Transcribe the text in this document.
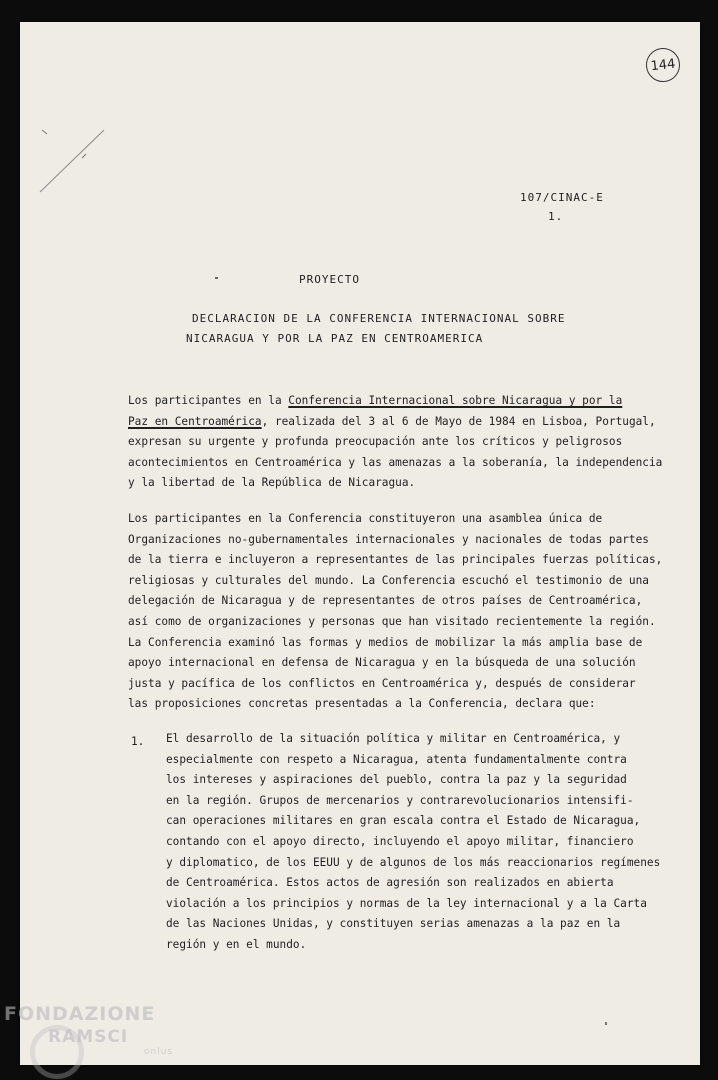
144
107/CINAC-E
1.
PROYECTO
DECLARACION DE LA CONFERENCIA INTERNACIONAL SOBRE
NICARAGUA Y POR LA PAZ EN CENTROAMERICA
Los participantes en la Conferencia Internacional sobre Nicaragua y por la
Paz en Centroamérica, realizada del 3 al 6 de Mayo de 1984 en Lisboa, Portugal,
expresan su urgente y profunda preocupación ante los críticos y peligrosos
acontecimientos en Centroamérica y las amenazas a la soberanía, la independencia
y la libertad de la República de Nicaragua.
Los participantes en la Conferencia constituyeron una asamblea única de
Organizaciones no-gubernamentales internacionales y nacionales de todas partes
de la tierra e incluyeron a representantes de las principales fuerzas políticas,
religiosas y culturales del mundo. La Conferencia escuchó el testimonio de una
delegación de Nicaragua y de representantes de otros países de Centroamérica,
así como de organizaciones y personas que han visitado recientemente la región.
La Conferencia examinó las formas y medios de mobilizar la más amplia base de
apoyo internacional en defensa de Nicaragua y en la búsqueda de una solución
justa y pacífica de los conflictos en Centroamérica y, después de considerar
las proposiciones concretas presentadas a la Conferencia, declara que:
1. El desarrollo de la situación política y militar en Centroamérica, y
especialmente con respeto a Nicaragua, atenta fundamentalmente contra
los intereses y aspiraciones del pueblo, contra la paz y la seguridad
en la región. Grupos de mercenarios y contrarevolucionarios intensifi-
can operaciones militares en gran escala contra el Estado de Nicaragua,
contando con el apoyo directo, incluyendo el apoyo militar, financiero
y diplomatico, de los EEUU y de algunos de los más reaccionarios regímenes
de Centroamérica. Estos actos de agresión son realizados en abierta
violación a los principios y normas de la ley internacional y a la Carta
de las Naciones Unidas, y constituyen serias amenazas a la paz en la
región y en el mundo.
FONDAZIONE
RAMSCI
onlus
